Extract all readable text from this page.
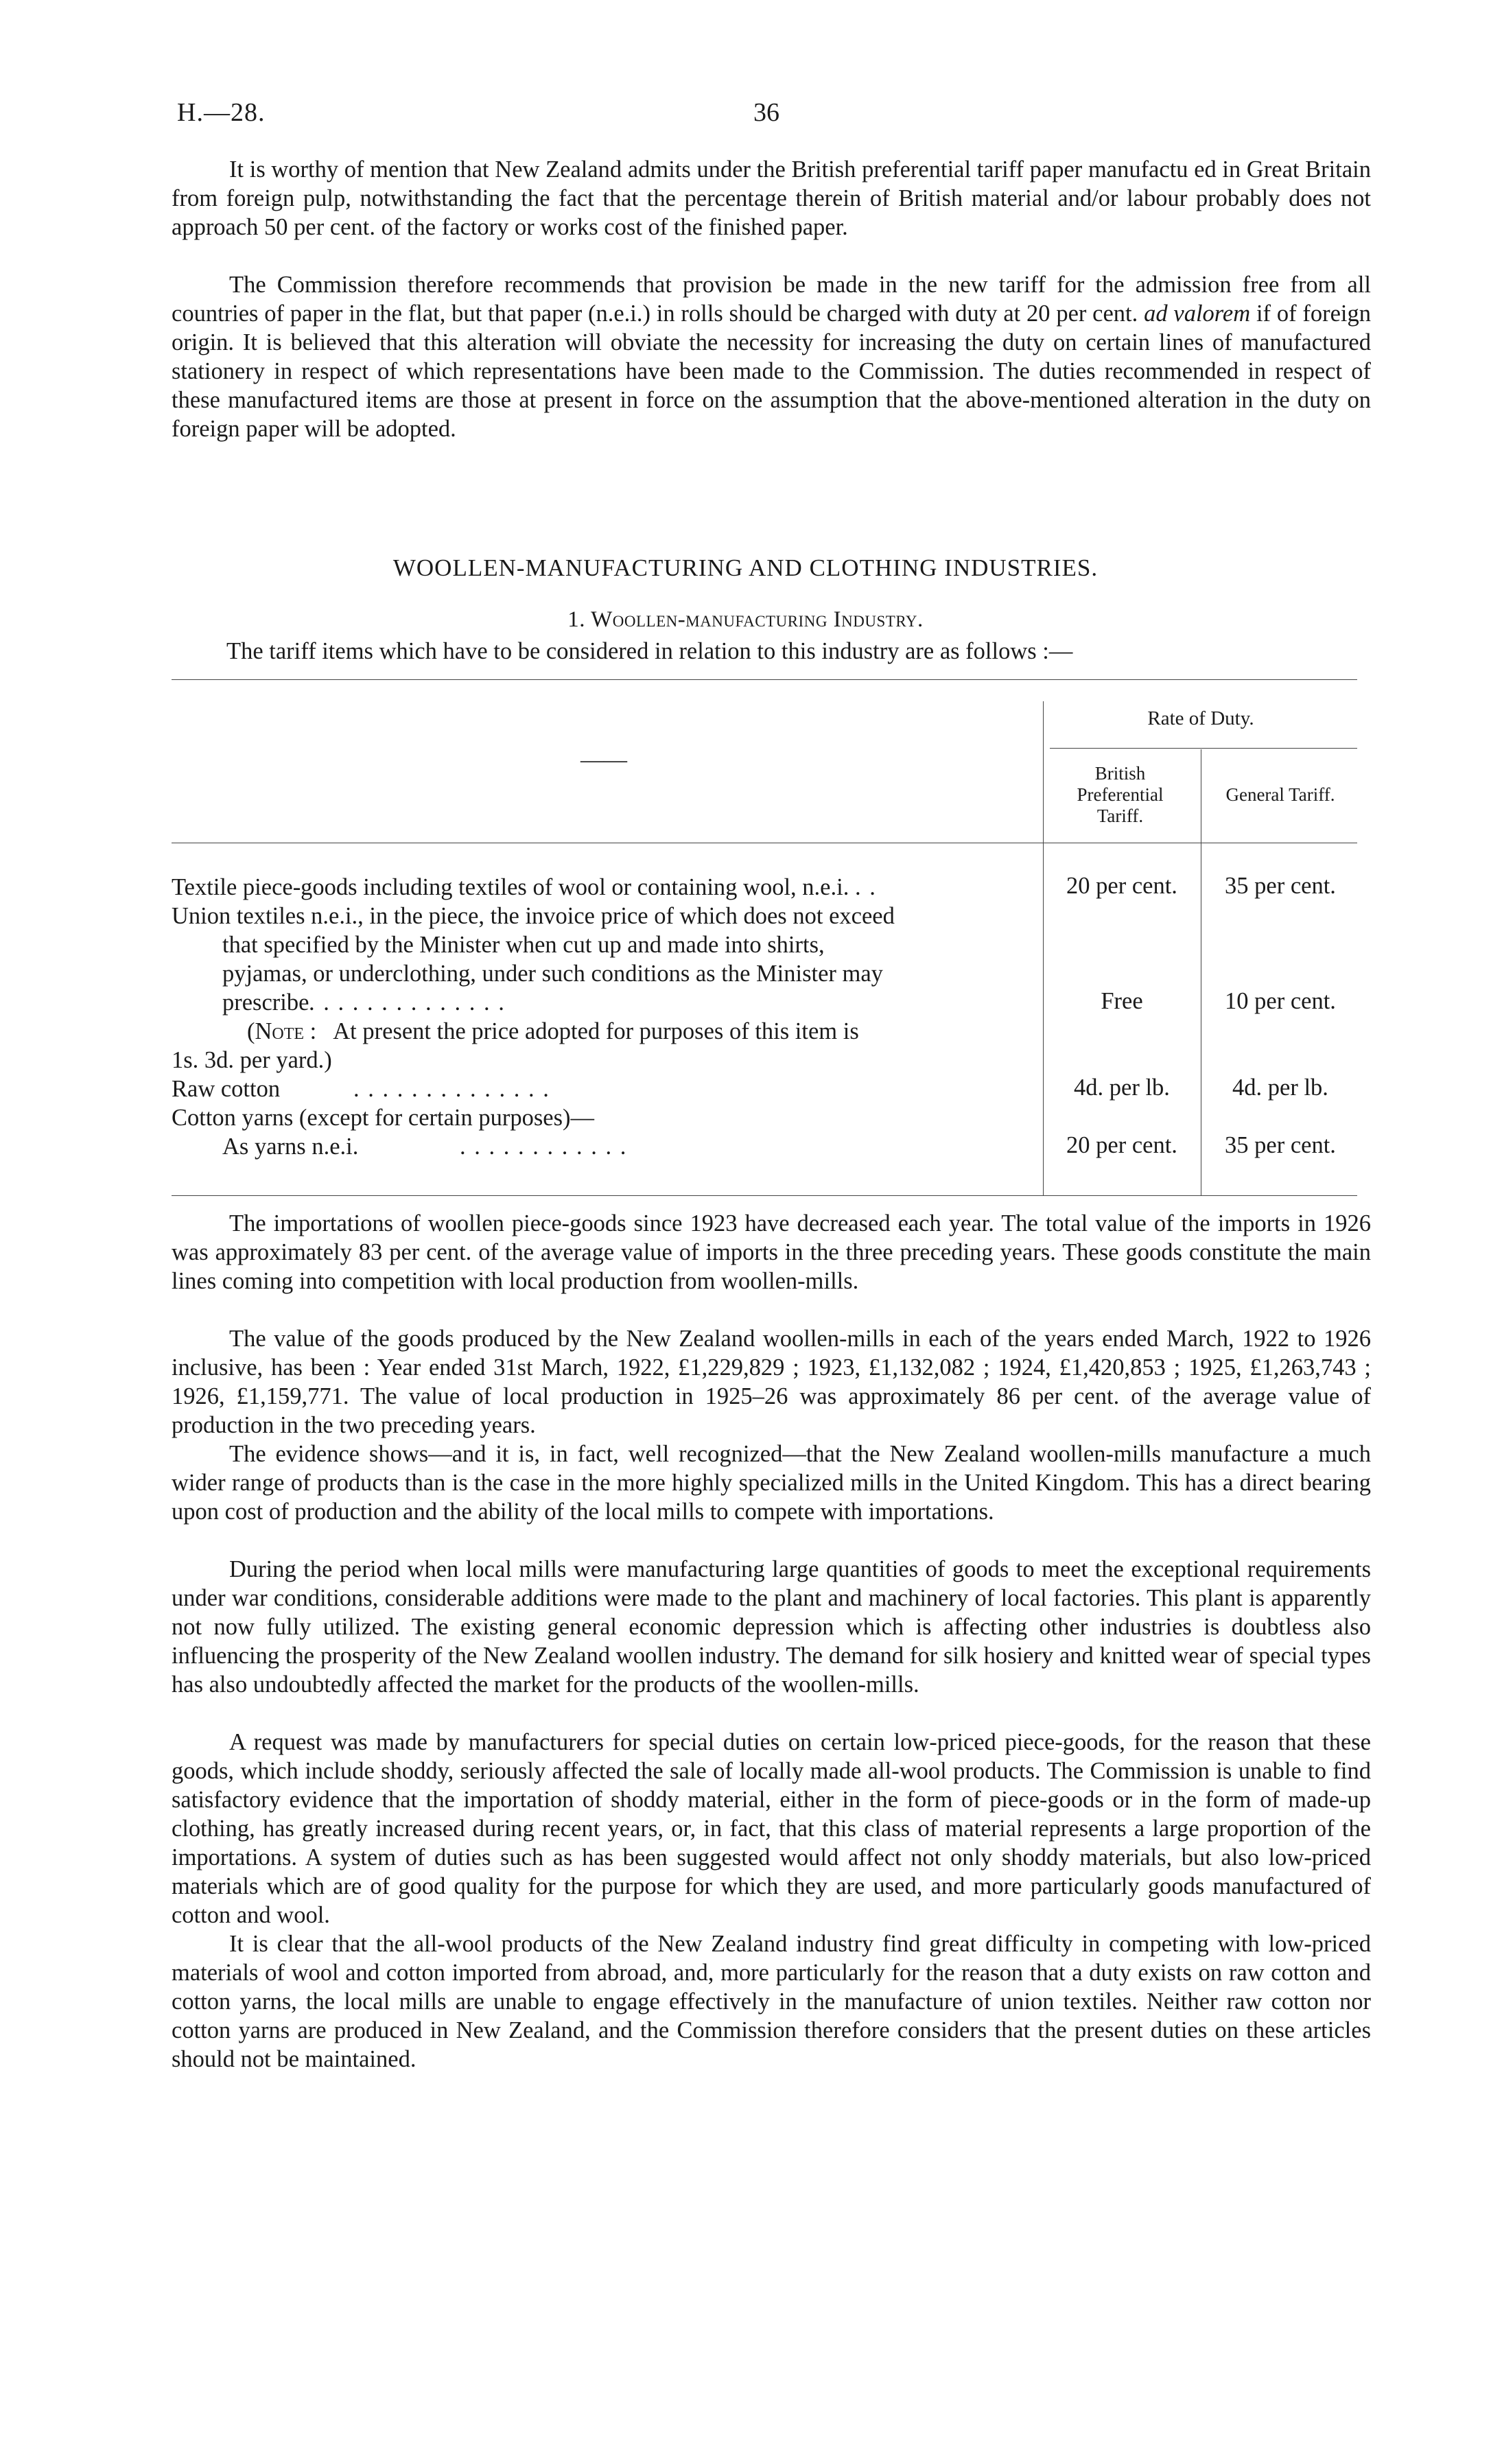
H.—28.	36

It is worthy of mention that New Zealand admits under the British preferential tariff paper manufactu ed in Great Britain from foreign pulp, notwithstanding the fact that the percentage therein of British material and/or labour probably does not approach 50 per cent. of the factory or works cost of the finished paper.

The Commission therefore recommends that provision be made in the new tariff for the admission free from all countries of paper in the flat, but that paper (n.e.i.) in rolls should be charged with duty at 20 per cent. ad valorem if of foreign origin. It is believed that this alteration will obviate the necessity for increasing the duty on certain lines of manufactured stationery in respect of which representations have been made to the Commission. The duties recommended in respect of these manufactured items are those at present in force on the assumption that the above-mentioned alteration in the duty on foreign paper will be adopted.

WOOLLEN-MANUFACTURING AND CLOTHING INDUSTRIES.
1. Woollen-manufacturing Industry.
The tariff items which have to be considered in relation to this industry are as follows :—
Rate of Duty.
——
British
Preferential
Tariff.
General Tariff.
Textile piece-goods including textiles of wool or containing wool, n.e.i. . .	20 per cent.	35 per cent.
Union textiles n.e.i., in the piece, the invoice price of which does not exceed
that specified by the Minister when cut up and made into shirts,
pyjamas, or underclothing, under such conditions as the Minister may
prescribe . . . . . . . . . . . . . .	Free	10 per cent.
(Note : At present the price adopted for purposes of this item is
1s. 3d. per yard.)
Raw cotton	. . . . . . . . . . . . . .	4d. per lb.	4d. per lb.
Cotton yarns (except for certain purposes)—
As yarns n.e.i.	. . . . . . . . . . . .	20 per cent.	35 per cent.

The importations of woollen piece-goods since 1923 have decreased each year. The total value of the imports in 1926 was approximately 83 per cent. of the average value of imports in the three preceding years. These goods constitute the main lines coming into competition with local production from woollen-mills.

The value of the goods produced by the New Zealand woollen-mills in each of the years ended March, 1922 to 1926 inclusive, has been : Year ended 31st March, 1922, £1,229,829 ; 1923, £1,132,082 ; 1924, £1,420,853 ; 1925, £1,263,743 ; 1926, £1,159,771. The value of local production in 1925–26 was approximately 86 per cent. of the average value of production in the two preceding years.

The evidence shows—and it is, in fact, well recognized—that the New Zealand woollen-mills manufacture a much wider range of products than is the case in the more highly specialized mills in the United Kingdom. This has a direct bearing upon cost of production and the ability of the local mills to compete with importations.

During the period when local mills were manufacturing large quantities of goods to meet the exceptional requirements under war conditions, considerable additions were made to the plant and machinery of local factories. This plant is apparently not now fully utilized. The existing general economic depression which is affecting other industries is doubtless also influencing the prosperity of the New Zealand woollen industry. The demand for silk hosiery and knitted wear of special types has also undoubtedly affected the market for the products of the woollen-mills.

A request was made by manufacturers for special duties on certain low-priced piece-goods, for the reason that these goods, which include shoddy, seriously affected the sale of locally made all-wool products. The Commission is unable to find satisfactory evidence that the importation of shoddy material, either in the form of piece-goods or in the form of made-up clothing, has greatly increased during recent years, or, in fact, that this class of material represents a large proportion of the importations. A system of duties such as has been suggested would affect not only shoddy materials, but also low-priced materials which are of good quality for the purpose for which they are used, and more particularly goods manufactured of cotton and wool.

It is clear that the all-wool products of the New Zealand industry find great difficulty in competing with low-priced materials of wool and cotton imported from abroad, and, more particularly for the reason that a duty exists on raw cotton and cotton yarns, the local mills are unable to engage effectively in the manufacture of union textiles. Neither raw cotton nor cotton yarns are produced in New Zealand, and the Commission therefore considers that the present duties on these articles should not be maintained.
